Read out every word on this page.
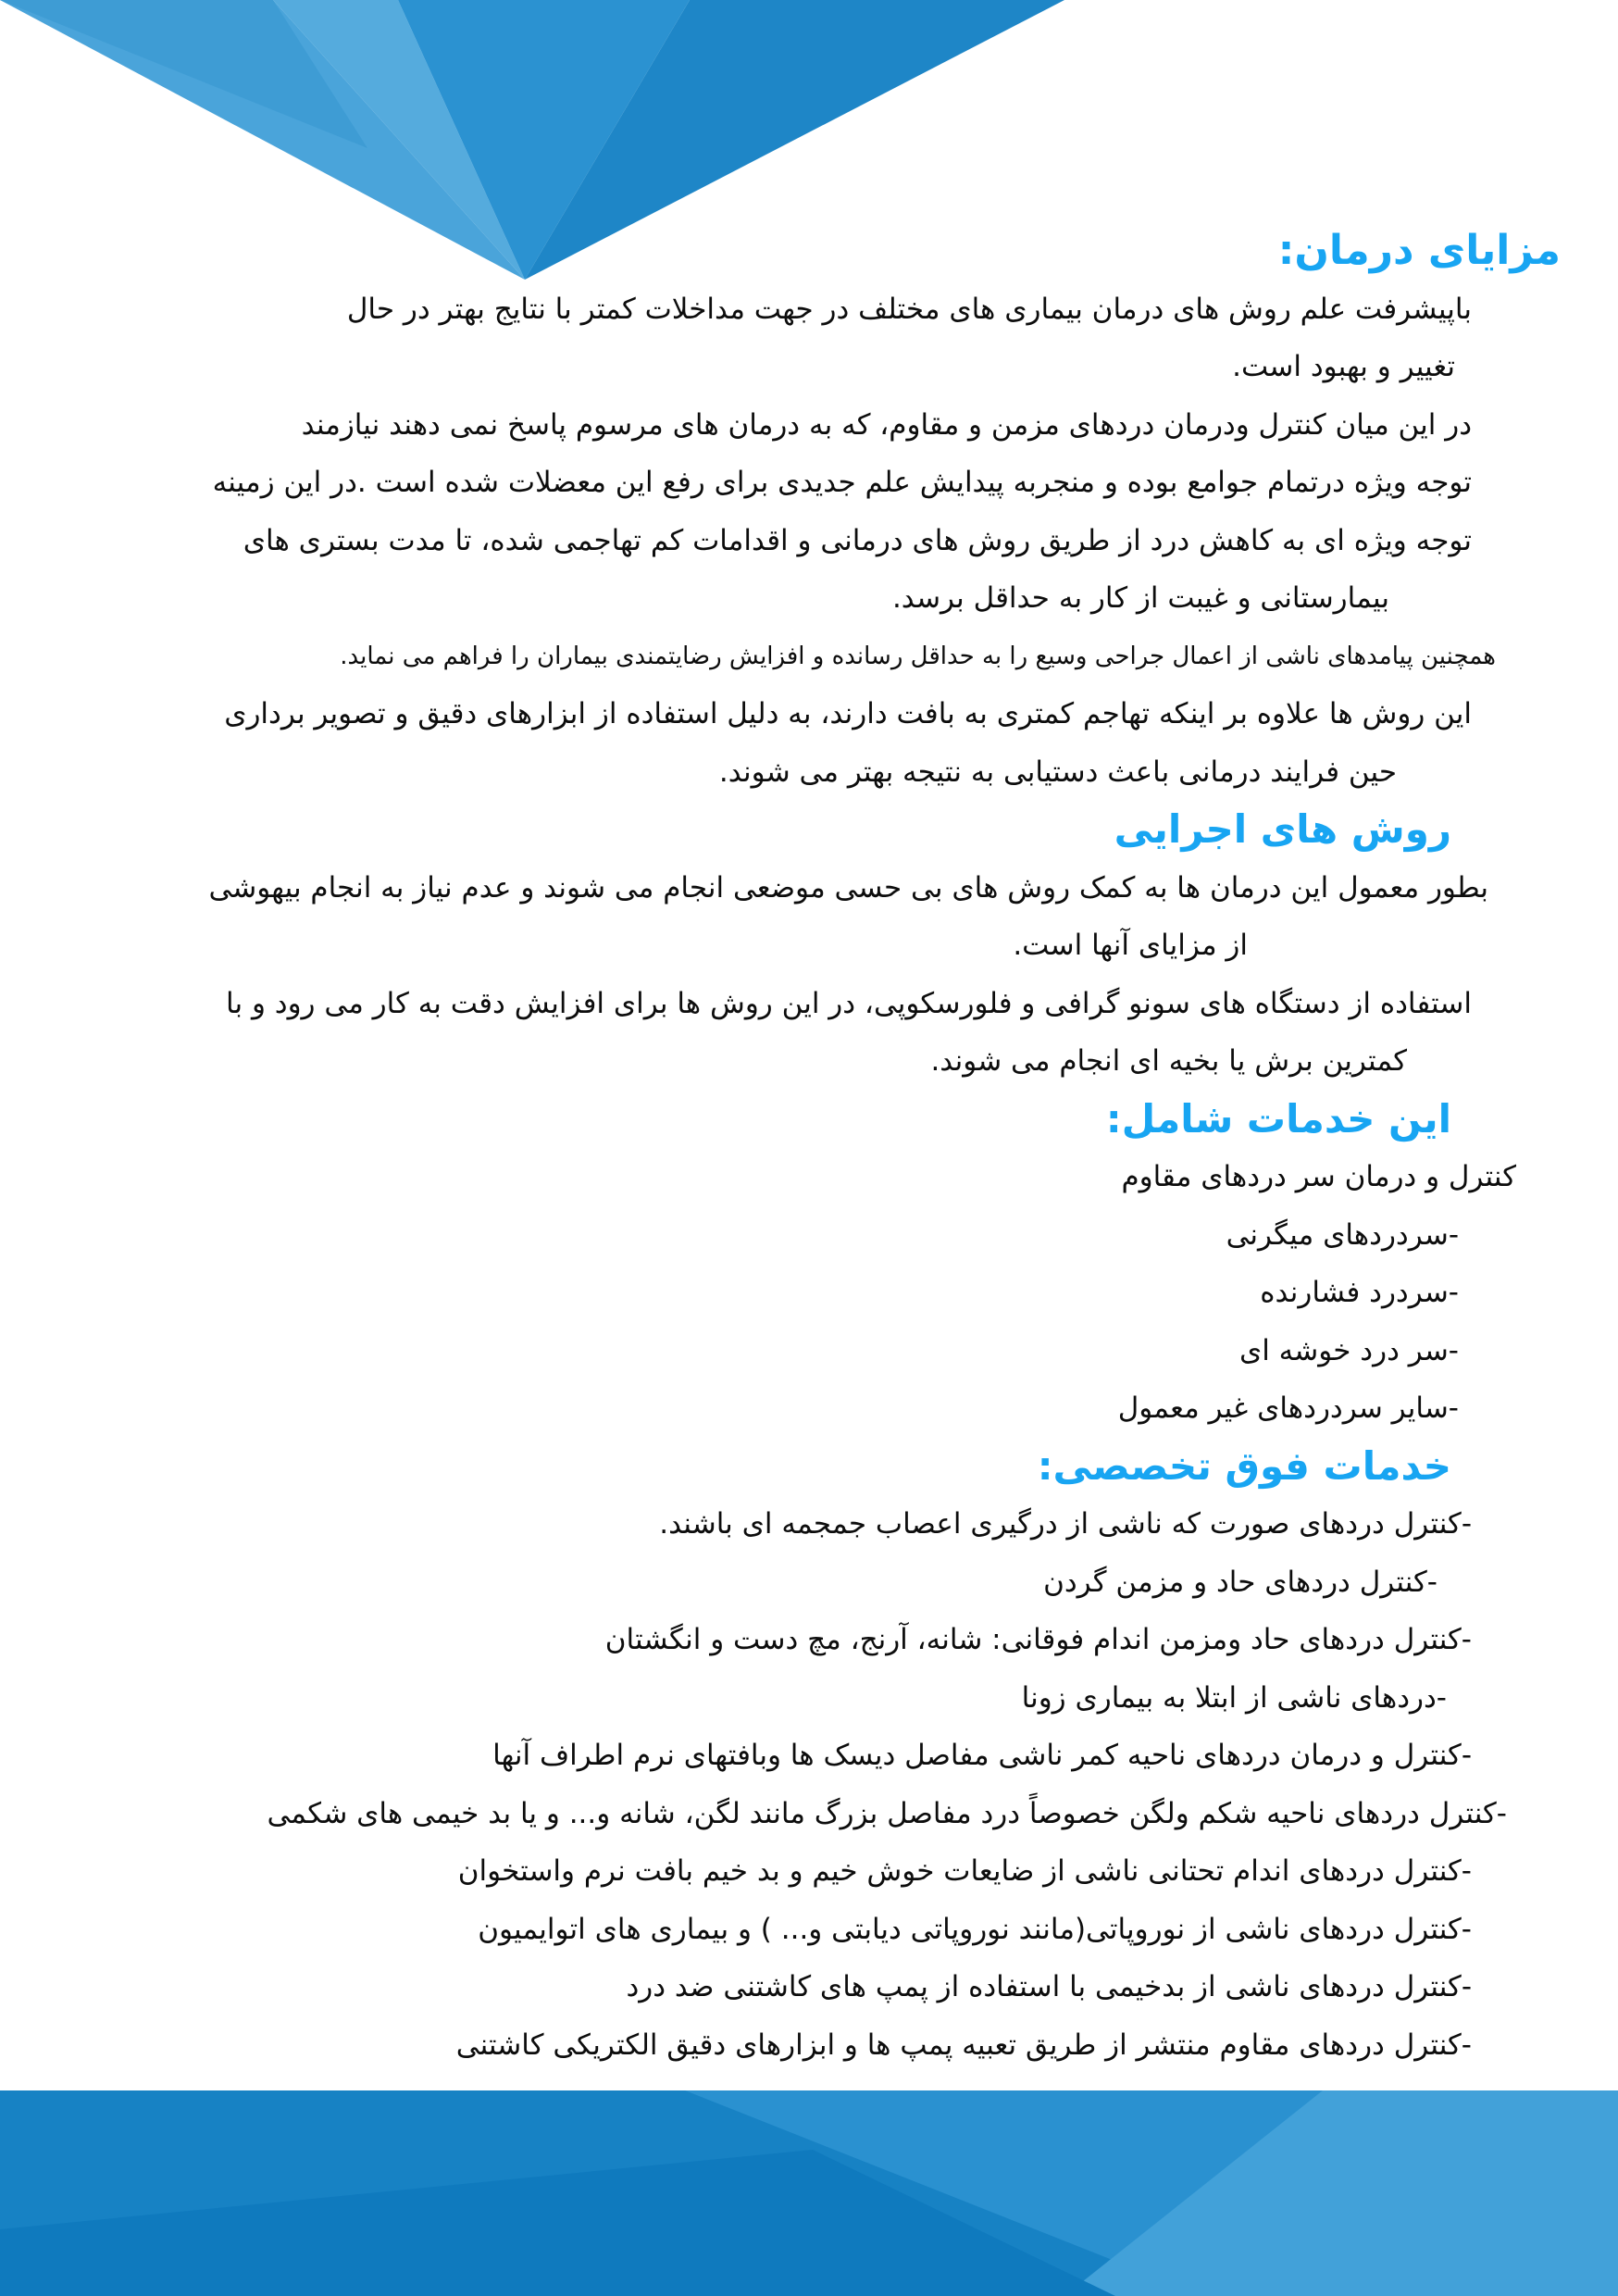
مزایای درمان:
باپیشرفت علم روش های درمان بیماری های مختلف در جهت مداخلات کمتر با نتایج بهتر در حال
تغییر و بهبود است.
در این میان کنترل ودرمان دردهای مزمن و مقاوم، که به درمان های مرسوم پاسخ نمی دهند نیازمند
توجه ویژه درتمام جوامع بوده و منجربه پیدایش علم جدیدی برای رفع این معضلات شده است .در این زمینه
توجه ویژه ای به کاهش درد از طریق روش های درمانی و اقدامات کم تهاجمی شده، تا مدت بستری های
بیمارستانی و غیبت از کار به حداقل برسد.
همچنین پیامدهای ناشی از اعمال جراحی وسیع را به حداقل رسانده و افزایش رضایتمندی بیماران را فراهم می نماید.
این روش ها علاوه بر اینکه تهاجم کمتری به بافت دارند، به دلیل استفاده از ابزارهای دقیق و تصویر برداری
حین فرایند درمانی باعث دستیابی به نتیجه بهتر می شوند.
روش های اجرایی
بطور معمول این درمان ها به کمک روش های بی حسی موضعی انجام می شوند و عدم نیاز به انجام بیهوشی
از مزایای آنها است.
استفاده از دستگاه های سونو گرافی و فلورسکوپی، در این روش ها برای افزایش دقت به کار می رود و با
کمترین برش یا بخیه ای انجام می شوند.
این خدمات شامل:
کنترل و درمان سر دردهای مقاوم
-سردردهای میگرنی
-سردرد فشارنده
-سر درد خوشه ای
-سایر سردردهای غیر معمول
خدمات فوق تخصصی:
-کنترل دردهای صورت که ناشی از درگیری اعصاب جمجمه ای باشند.
-کنترل دردهای حاد و مزمن گردن
-کنترل دردهای حاد ومزمن اندام فوقانی: شانه، آرنج، مچ دست و انگشتان
-دردهای ناشی از ابتلا به بیماری زونا
-کنترل و درمان دردهای ناحیه کمر ناشی مفاصل دیسک ها وبافتهای نرم اطراف آنها
-کنترل دردهای ناحیه شکم ولگن خصوصاً درد مفاصل بزرگ مانند لگن، شانه و... و یا بد خیمی های شکمی
-کنترل دردهای اندام تحتانی ناشی از ضایعات خوش خیم و بد خیم بافت نرم واستخوان
-کنترل دردهای ناشی از نوروپاتی(مانند نوروپاتی دیابتی و... ) و بیماری های اتوایمیون
-کنترل دردهای ناشی از بدخیمی با استفاده از پمپ های کاشتنی ضد درد
-کنترل دردهای مقاوم منتشر از طریق تعبیه پمپ ها و ابزارهای دقیق الکتریکی کاشتنی
